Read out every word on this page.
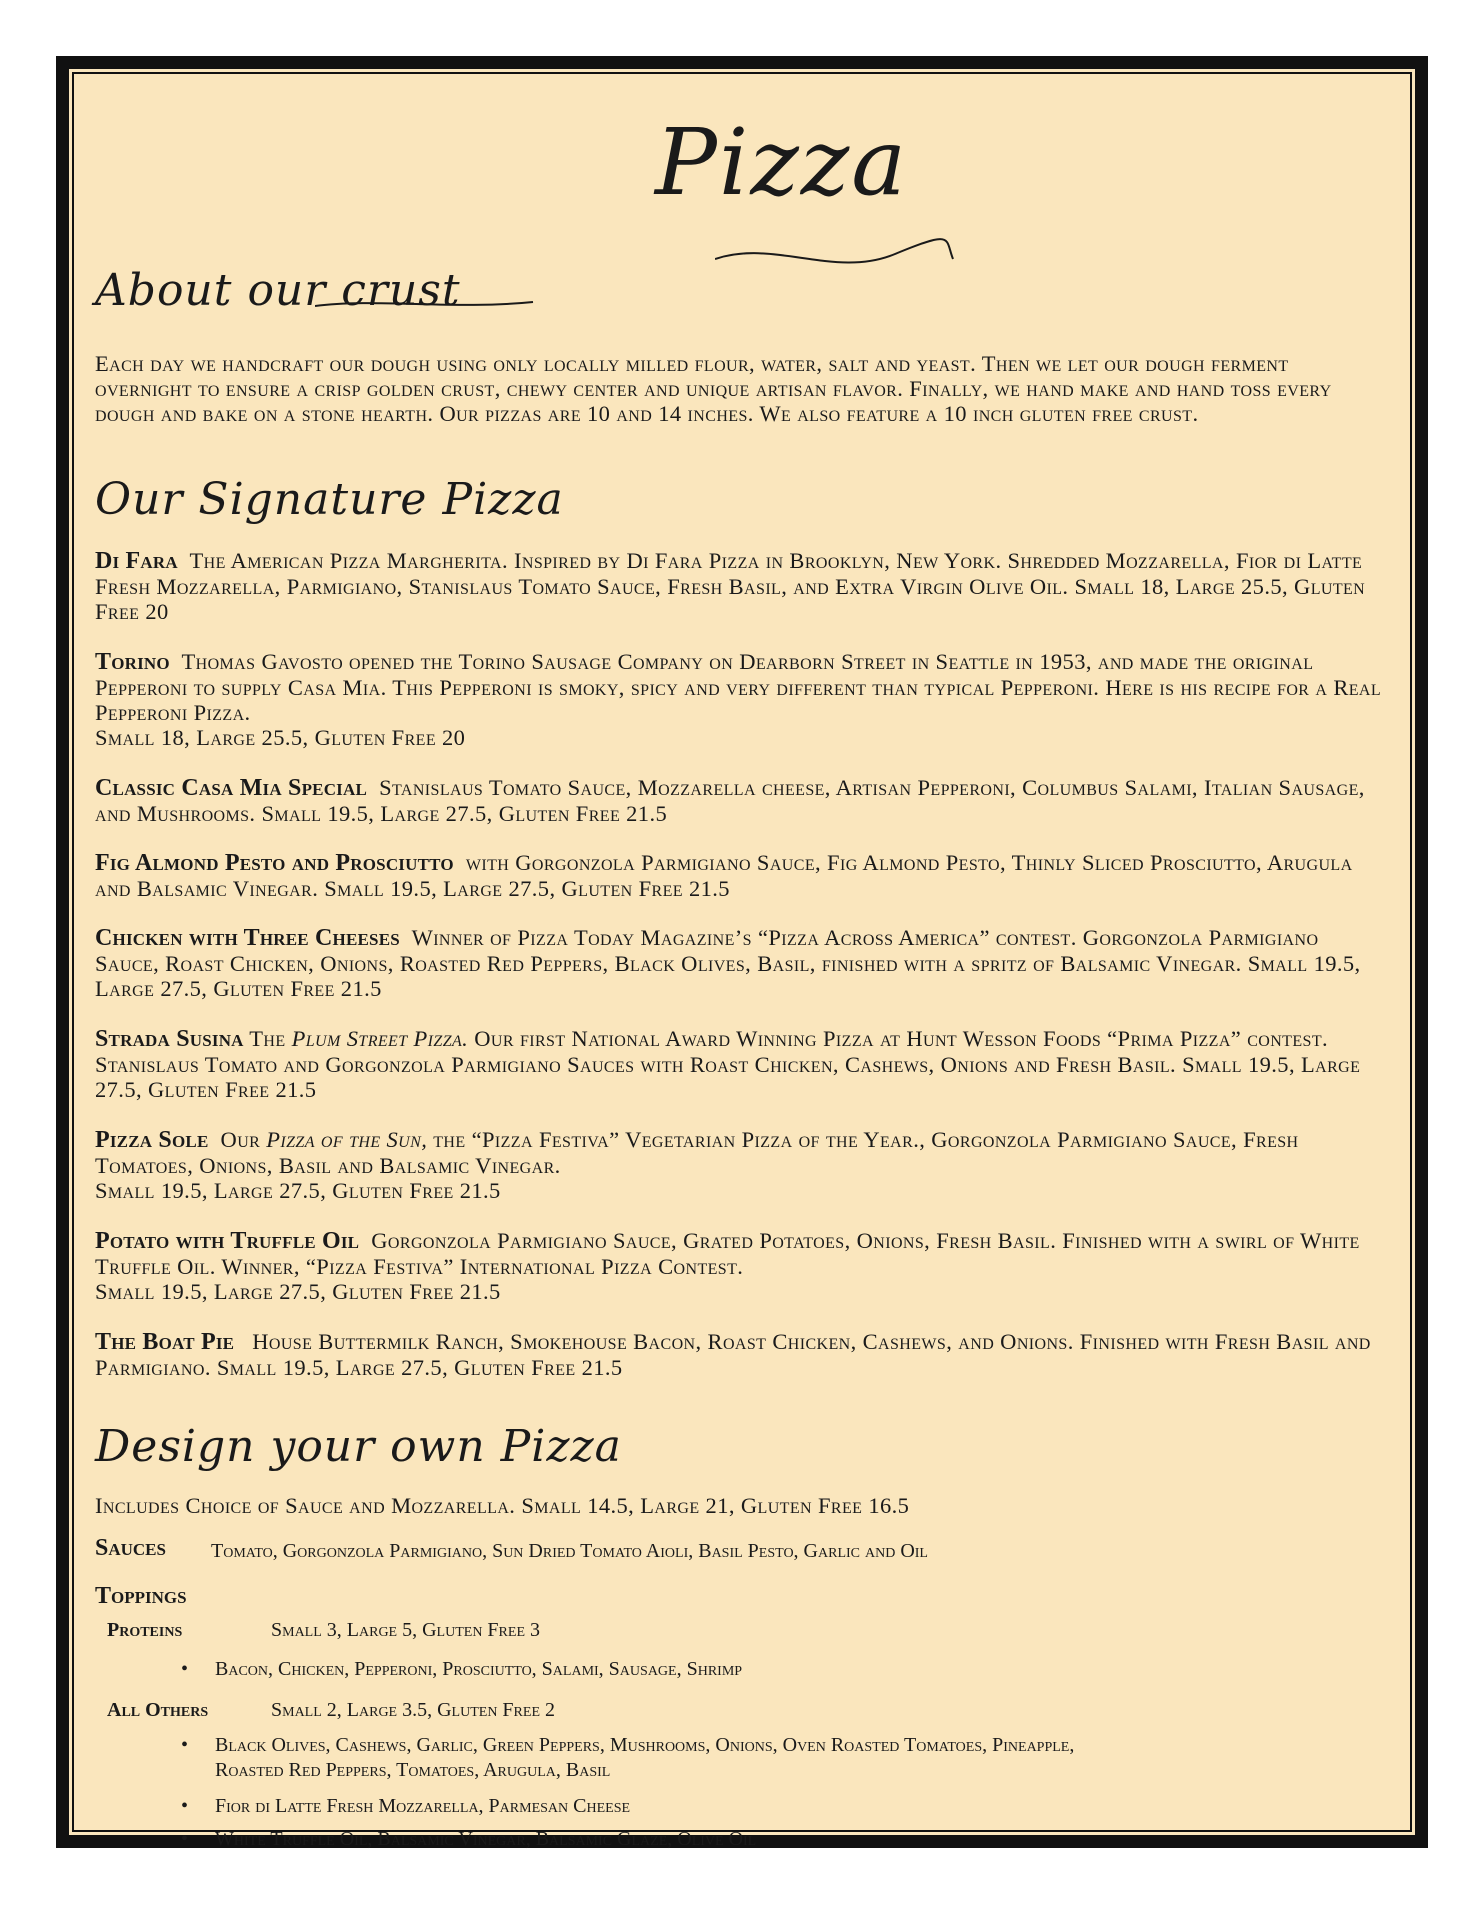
Pizza
About our crust
Each day we handcraft our dough using only locally milled flour, water, salt and yeast. Then we let our dough ferment overnight to ensure a crisp golden crust, chewy center and unique artisan flavor. Finally, we hand make and hand toss every dough and bake on a stone hearth. Our pizzas are 10 and 14 inches. We also feature a 10 inch gluten free crust.
Our Signature Pizza
Di Fara The American Pizza Margherita. Inspired by Di Fara Pizza in Brooklyn, New York. Shredded Mozzarella, Fior di Latte Fresh Mozzarella, Parmigiano, Stanislaus Tomato Sauce, Fresh Basil, and Extra Virgin Olive Oil. Small 18, Large 25.5, Gluten Free 20
Torino Thomas Gavosto opened the Torino Sausage Company on Dearborn Street in Seattle in 1953, and made the original Pepperoni to supply Casa Mia. This Pepperoni is smoky, spicy and very different than typical Pepperoni. Here is his recipe for a Real Pepperoni Pizza.
Small 18, Large 25.5, Gluten Free 20
Classic Casa Mia Special Stanislaus Tomato Sauce, Mozzarella cheese, Artisan Pepperoni, Columbus Salami, Italian Sausage, and Mushrooms. Small 19.5, Large 27.5, Gluten Free 21.5
Fig Almond Pesto and Prosciutto with Gorgonzola Parmigiano Sauce, Fig Almond Pesto, Thinly Sliced Prosciutto, Arugula and Balsamic Vinegar. Small 19.5, Large 27.5, Gluten Free 21.5
Chicken with Three Cheeses Winner of Pizza Today Magazine’s “Pizza Across America” contest. Gorgonzola Parmigiano Sauce, Roast Chicken, Onions, Roasted Red Peppers, Black Olives, Basil, finished with a spritz of Balsamic Vinegar. Small 19.5, Large 27.5, Gluten Free 21.5
Strada Susina The Plum Street Pizza. Our first National Award Winning Pizza at Hunt Wesson Foods “Prima Pizza” contest. Stanislaus Tomato and Gorgonzola Parmigiano Sauces with Roast Chicken, Cashews, Onions and Fresh Basil. Small 19.5, Large 27.5, Gluten Free 21.5
Pizza Sole Our Pizza of the Sun, the “Pizza Festiva” Vegetarian Pizza of the Year., Gorgonzola Parmigiano Sauce, Fresh Tomatoes, Onions, Basil and Balsamic Vinegar.
Small 19.5, Large 27.5, Gluten Free 21.5
Potato with Truffle Oil Gorgonzola Parmigiano Sauce, Grated Potatoes, Onions, Fresh Basil. Finished with a swirl of White Truffle Oil. Winner, “Pizza Festiva” International Pizza Contest.
Small 19.5, Large 27.5, Gluten Free 21.5
The Boat Pie House Buttermilk Ranch, Smokehouse Bacon, Roast Chicken, Cashews, and Onions. Finished with Fresh Basil and Parmigiano. Small 19.5, Large 27.5, Gluten Free 21.5
Design your own Pizza
Includes Choice of Sauce and Mozzarella. Small 14.5, Large 21, Gluten Free 16.5
Sauces Tomato, Gorgonzola Parmigiano, Sun Dried Tomato Aioli, Basil Pesto, Garlic and Oil
Toppings
Proteins	Small 3, Large 5, Gluten Free 3
• Bacon, Chicken, Pepperoni, Prosciutto, Salami, Sausage, Shrimp
All Others	Small 2, Large 3.5, Gluten Free 2
• Black Olives, Cashews, Garlic, Green Peppers, Mushrooms, Onions, Oven Roasted Tomatoes, Pineapple,
Roasted Red Peppers, Tomatoes, Arugula, Basil
• Fior di Latte Fresh Mozzarella, Parmesan Cheese
• White Truffle Oil, Balsamic Vinegar, Balsamic Glaze, Olive Oil
